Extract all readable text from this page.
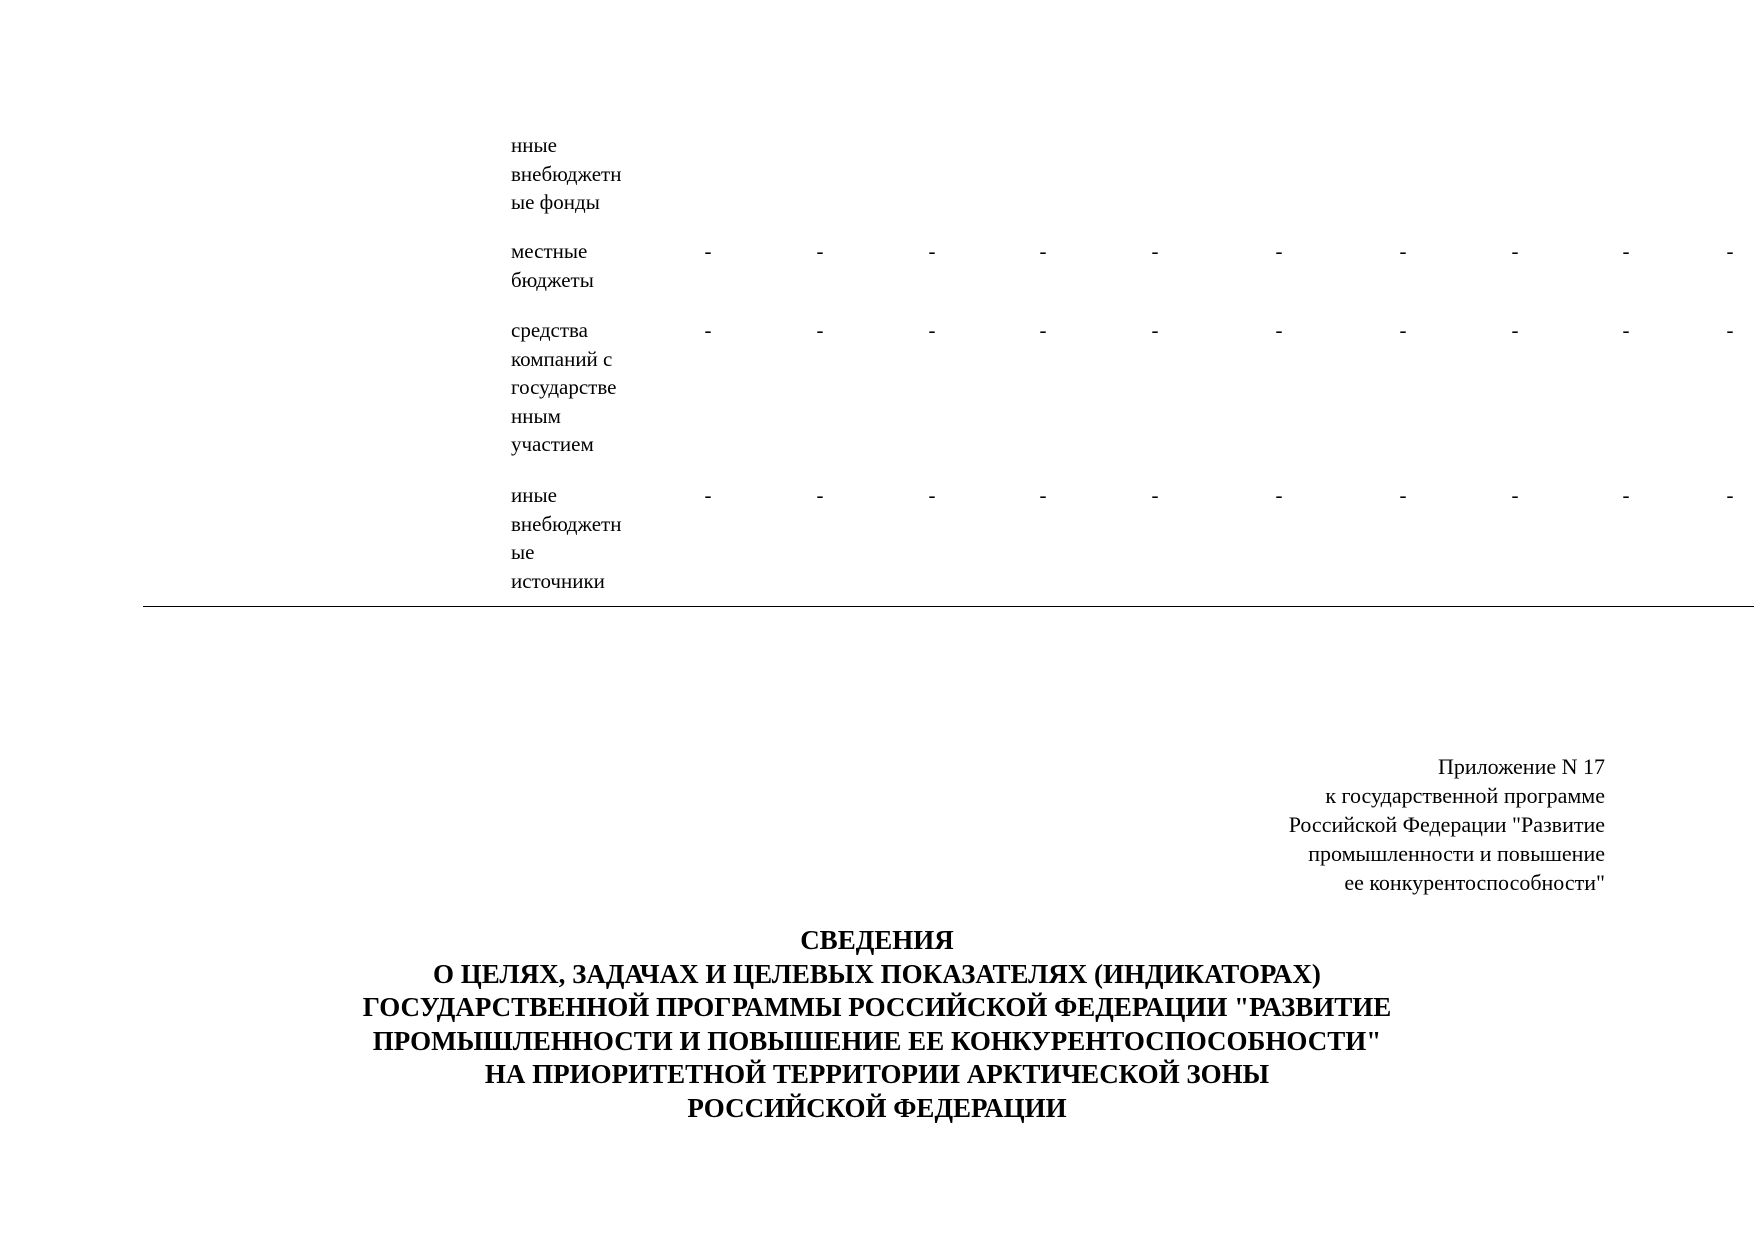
нные
внебюджетн
ые фонды
местные
бюджеты
-	-	-	-	-	-	-	-	-	-
средства
компаний с
государстве
нным
участием
-	-	-	-	-	-	-	-	-	-
иные
внебюджетн
ые
источники
-	-	-	-	-	-	-	-	-	-
Приложение N 17
к государственной программе
Российской Федерации "Развитие
промышленности и повышение
ее конкурентоспособности"
СВЕДЕНИЯ
О ЦЕЛЯХ, ЗАДАЧАХ И ЦЕЛЕВЫХ ПОКАЗАТЕЛЯХ (ИНДИКАТОРАХ)
ГОСУДАРСТВЕННОЙ ПРОГРАММЫ РОССИЙСКОЙ ФЕДЕРАЦИИ "РАЗВИТИЕ
ПРОМЫШЛЕННОСТИ И ПОВЫШЕНИЕ ЕЕ КОНКУРЕНТОСПОСОБНОСТИ"
НА ПРИОРИТЕТНОЙ ТЕРРИТОРИИ АРКТИЧЕСКОЙ ЗОНЫ
РОССИЙСКОЙ ФЕДЕРАЦИИ
